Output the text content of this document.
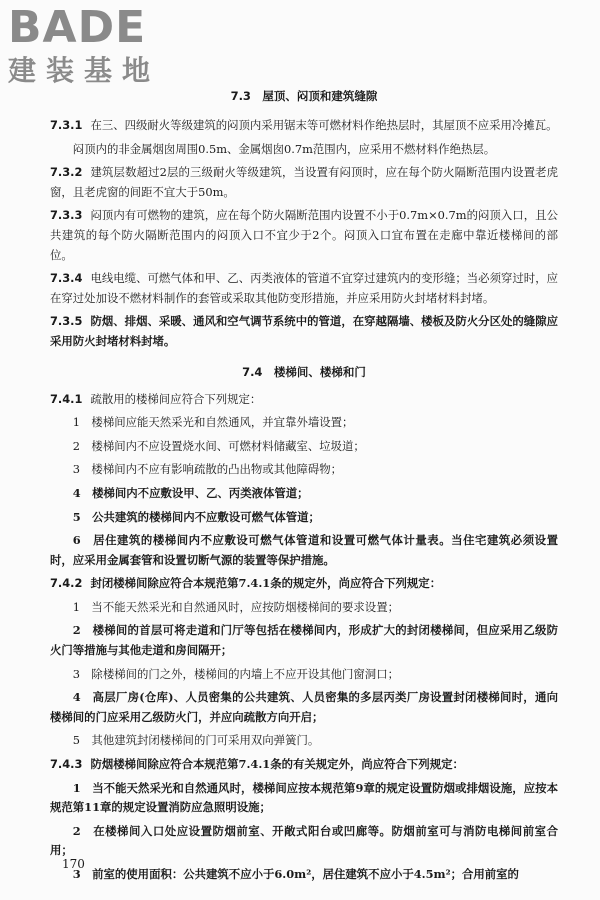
BADE
建装基地
7.3　屋顶、闷顶和建筑缝隙

7.3.1 在三、四级耐火等级建筑的闷顶内采用锯末等可燃材料作绝热层时，其屋顶不应采用冷摊瓦。

闷顶内的非金属烟囱周围0.5m、金属烟囱0.7m范围内，应采用不燃材料作绝热层。

7.3.2 建筑层数超过2层的三级耐火等级建筑，当设置有闷顶时，应在每个防火隔断范围内设置老虎窗，且老虎窗的间距不宜大于50m。

7.3.3 闷顶内有可燃物的建筑，应在每个防火隔断范围内设置不小于0.7m×0.7m的闷顶入口，且公共建筑的每个防火隔断范围内的闷顶入口不宜少于2个。闷顶入口宜布置在走廊中靠近楼梯间的部位。

7.3.4 电线电缆、可燃气体和甲、乙、丙类液体的管道不宜穿过建筑内的变形缝；当必须穿过时，应在穿过处加设不燃材料制作的套管或采取其他防变形措施，并应采用防火封堵材料封堵。

7.3.5 防烟、排烟、采暖、通风和空气调节系统中的管道，在穿越隔墙、楼板及防火分区处的缝隙应采用防火封堵材料封堵。

7.4　楼梯间、楼梯和门

7.4.1 疏散用的楼梯间应符合下列规定：

1　楼梯间应能天然采光和自然通风，并宜靠外墙设置；

2　楼梯间内不应设置烧水间、可燃材料储藏室、垃圾道；

3　楼梯间内不应有影响疏散的凸出物或其他障碍物；

4　楼梯间内不应敷设甲、乙、丙类液体管道；

5　公共建筑的楼梯间内不应敷设可燃气体管道；

6　居住建筑的楼梯间内不应敷设可燃气体管道和设置可燃气体计量表。当住宅建筑必须设置时，应采用金属套管和设置切断气源的装置等保护措施。

7.4.2 封闭楼梯间除应符合本规范第7.4.1条的规定外，尚应符合下列规定：

1　当不能天然采光和自然通风时，应按防烟楼梯间的要求设置；

2　楼梯间的首层可将走道和门厅等包括在楼梯间内，形成扩大的封闭楼梯间，但应采用乙级防火门等措施与其他走道和房间隔开；

3　除楼梯间的门之外，楼梯间的内墙上不应开设其他门窗洞口；

4　高层厂房(仓库)、人员密集的公共建筑、人员密集的多层丙类厂房设置封闭楼梯间时，通向楼梯间的门应采用乙级防火门，并应向疏散方向开启；

5　其他建筑封闭楼梯间的门可采用双向弹簧门。

7.4.3 防烟楼梯间除应符合本规范第7.4.1条的有关规定外，尚应符合下列规定：

1　当不能天然采光和自然通风时，楼梯间应按本规范第9章的规定设置防烟或排烟设施，应按本规范第11章的规定设置消防应急照明设施；

2　在楼梯间入口处应设置防烟前室、开敞式阳台或凹廊等。防烟前室可与消防电梯间前室合用；

3　前室的使用面积：公共建筑不应小于6.0m²，居住建筑不应小于4.5m²；合用前室的

170
